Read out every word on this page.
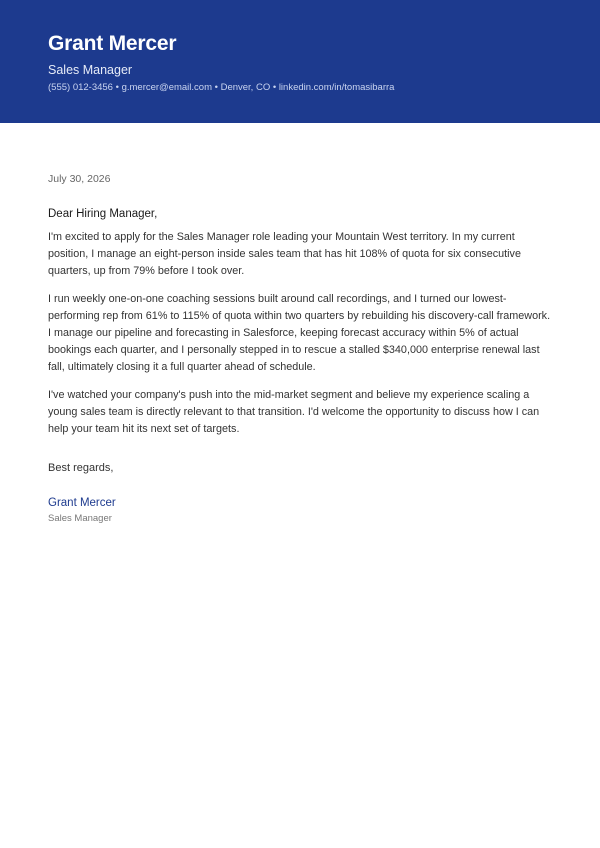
Grant Mercer
Sales Manager
(555) 012-3456 • g.mercer@email.com • Denver, CO • linkedin.com/in/tomasibarra
July 30, 2026
Dear Hiring Manager,

I'm excited to apply for the Sales Manager role leading your Mountain West territory. In my current position, I manage an eight-person inside sales team that has hit 108% of quota for six consecutive quarters, up from 79% before I took over.

I run weekly one-on-one coaching sessions built around call recordings, and I turned our lowest-performing rep from 61% to 115% of quota within two quarters by rebuilding his discovery-call framework. I manage our pipeline and forecasting in Salesforce, keeping forecast accuracy within 5% of actual bookings each quarter, and I personally stepped in to rescue a stalled $340,000 enterprise renewal last fall, ultimately closing it a full quarter ahead of schedule.

I've watched your company's push into the mid-market segment and believe my experience scaling a young sales team is directly relevant to that transition. I'd welcome the opportunity to discuss how I can help your team hit its next set of targets.

Best regards,
Grant Mercer
Sales Manager
